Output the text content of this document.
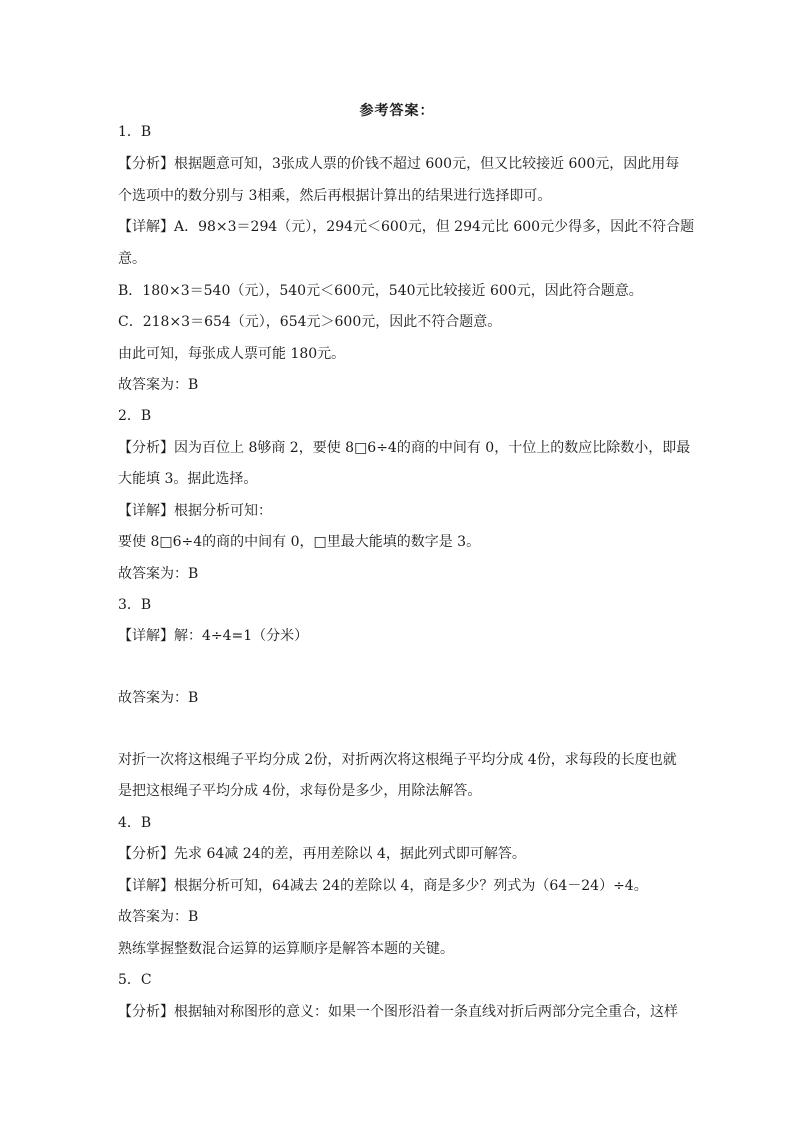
参考答案：
1．B
【分析】根据题意可知，3张成人票的价钱不超过 600元，但又比较接近 600元，因此用每
个选项中的数分别与 3相乘，然后再根据计算出的结果进行选择即可。
【详解】A．98×3＝294（元），294元＜600元，但 294元比 600元少得多，因此不符合题
意。
B．180×3＝540（元），540元＜600元，540元比较接近 600元，因此符合题意。
C．218×3＝654（元），654元＞600元，因此不符合题意。
由此可知，每张成人票可能 180元。
故答案为：B
2．B
【分析】因为百位上 8够商 2，要使 8□6÷4的商的中间有 0，十位上的数应比除数小，即最
大能填 3。据此选择。
【详解】根据分析可知：
要使 8□6÷4的商的中间有 0，□里最大能填的数字是 3。
故答案为：B
3．B
【详解】解：4÷4=1（分米）
故答案为：B
对折一次将这根绳子平均分成 2份，对折两次将这根绳子平均分成 4份，求每段的长度也就
是把这根绳子平均分成 4份，求每份是多少，用除法解答。
4．B
【分析】先求 64减 24的差，再用差除以 4，据此列式即可解答。
【详解】根据分析可知，64减去 24的差除以 4，商是多少？列式为（64－24）÷4。
故答案为：B
熟练掌握整数混合运算的运算顺序是解答本题的关键。
5．C
【分析】根据轴对称图形的意义：如果一个图形沿着一条直线对折后两部分完全重合，这样
